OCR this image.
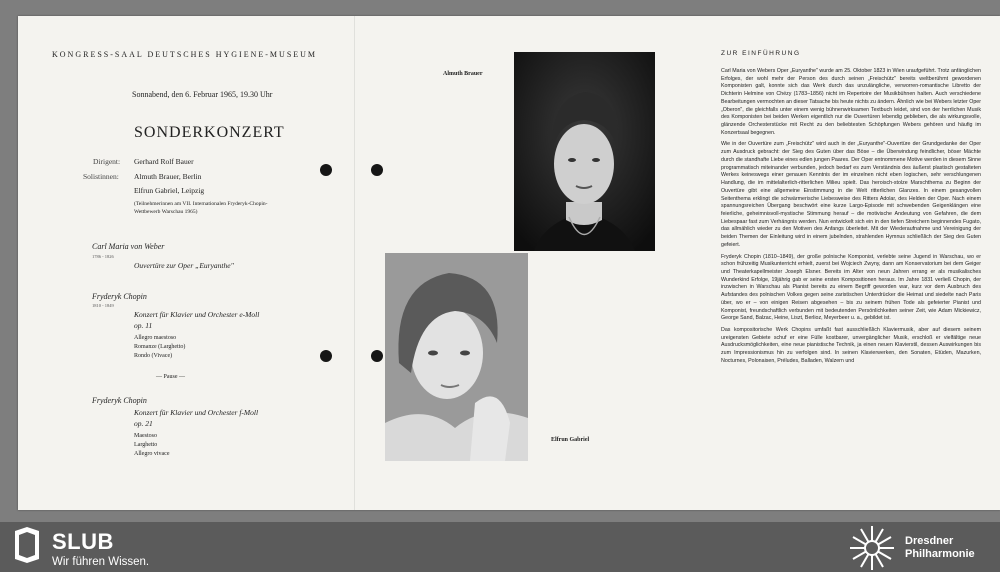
KONGRESS-SAAL DEUTSCHES HYGIENE-MUSEUM
Sonnabend, den 6. Februar 1965, 19.30 Uhr
SONDERKONZERT
Dirigent: Gerhard Rolf Bauer
Solistinnen: Almuth Brauer, Berlin
Elfrun Gabriel, Leipzig
(Teilnehmerinnen am VII. Internationalen Fryderyk-Chopin-
Wettbewerb Warschau 1965)
Carl Maria von Weber
1786 - 1826
Ouvertüre zur Oper „Euryanthe"
Fryderyk Chopin
1810 - 1849
Konzert für Klavier und Orchester e-Moll
op. 11
Allegro maestoso
Romanze (Larghetto)
Rondo (Vivace)
— Pause —
Fryderyk Chopin
Konzert für Klavier und Orchester f-Moll
op. 21
Maestoso
Larghetto
Allegro vivace
Almuth Brauer
Elfrun Gabriel
ZUR EINFÜHRUNG

Carl Maria von Webers Oper „Euryanthe" wurde am 25. Oktober 1823 in Wien uraufgeführt. Trotz anfänglichen Erfolges, der wohl mehr der Person des durch seinen „Freischütz" bereits weltberühmt gewordenen Komponisten galt, konnte sich das Werk durch das unzulängliche, verworren-romantische Libretto der Dichterin Helmine von Chézy (1783–1856) nicht im Repertoire der Musikbühnen halten. Auch verschiedene Bearbeitungen vermochten an dieser Tatsache bis heute nichts zu ändern. Ähnlich wie bei Webers letzter Oper „Oberon", die gleichfalls unter einem wenig bühnenwirksamen Textbuch leidet, sind von der herrlichen Musik des Komponisten bei beiden Werken eigentlich nur die Ouvertüren lebendig geblieben, die als wirkungsvolle, glänzende Orchesterstücke mit Recht zu den beliebtesten Schöpfungen Webers gehören und häufig im Konzertsaal begegnen.

Wie in der Ouvertüre zum „Freischütz" wird auch in der „Euryanthe"-Ouvertüre der Grundgedanke der Oper zum Ausdruck gebracht: der Sieg des Guten über das Böse – die Überwindung feindlicher, böser Mächte durch die standhafte Liebe eines edlen jungen Paares. Der Oper entnommene Motive werden in diesem Sinne programmatisch miteinander verbunden, jedoch bedarf es zum Verständnis des äußerst plastisch gestalteten Werkes keineswegs einer genauen Kenntnis der im einzelnen nicht eben logischen, sehr verschlungenen Handlung, die im mittelalterlich-ritterlichen Milieu spielt. Das heroisch-stolze Marschthema zu Beginn der Ouvertüre gibt eine allgemeine Einstimmung in die Welt ritterlichen Glanzes. In einem gesangvollen Seitenthema erklingt die schwärmerische Liebesweise des Ritters Adolar, des Helden der Oper. Nach einem spannungsreichen Übergang beschwört eine kurze Largo-Episode mit schwebenden Geigenklängen eine feierliche, geheimnisvoll-mystische Stimmung herauf – die motivische Andeutung von Gefahren, die dem Liebespaar fast zum Verhängnis werden. Nun entwickelt sich ein in den tiefen Streichern beginnendes Fugato, das allmählich wieder zu den Motiven des Anfangs überleitet. Mit der Wiederaufnahme und Vereinigung der beiden Themen der Einleitung wird in einem jubelnden, strahlenden Hymnus schließlich der Sieg des Guten gefeiert.

Fryderyk Chopin (1810–1849), der große polnische Komponist, verlebte seine Jugend in Warschau, wo er schon frühzeitig Musikunterricht erhielt, zuerst bei Wojciech Zwyny, dann am Konservatorium bei dem Geiger und Theaterkapellmeister Joseph Elsner. Bereits im Alter von neun Jahren errang er als musikalisches Wunderkind Erfolge, 19jährig gab er seine ersten Kompositionen heraus. Im Jahre 1831 verließ Chopin, der inzwischen in Warschau als Pianist bereits zu einem Begriff geworden war, kurz vor dem Ausbruch des Aufstandes des polnischen Volkes gegen seine zaristischen Unterdrücker die Heimat und siedelte nach Paris über, wo er – von einigen Reisen abgesehen – bis zu seinem frühen Tode als gefeierter Pianist und Komponist, freundschaftlich verbunden mit bedeutenden Persönlichkeiten seiner Zeit, wie Adam Mickiewicz, George Sand, Balzac, Heine, Liszt, Berlioz, Meyerbeer u. a., gebildet ist.

Das kompositorische Werk Chopins umfaßt fast ausschließlich Klaviermusik, aber auf diesem seinem ureigensten Gebiete schuf er eine Fülle kostbarer, unvergänglicher Musik, erschloß er vielfältige neue Ausdrucksmöglichkeiten, eine neue pianistische Technik, ja einen neuen Klavierstil, dessen Auswirkungen bis zum Impressionismus hin zu verfolgen sind. In seinen Klavierwerken, den Sonaten, Etüden, Mazurken, Nocturnes, Polonaisen, Préludes, Balladen, Walzern und

SLUB
Wir führen Wissen.
Dresdner
Philharmonie
